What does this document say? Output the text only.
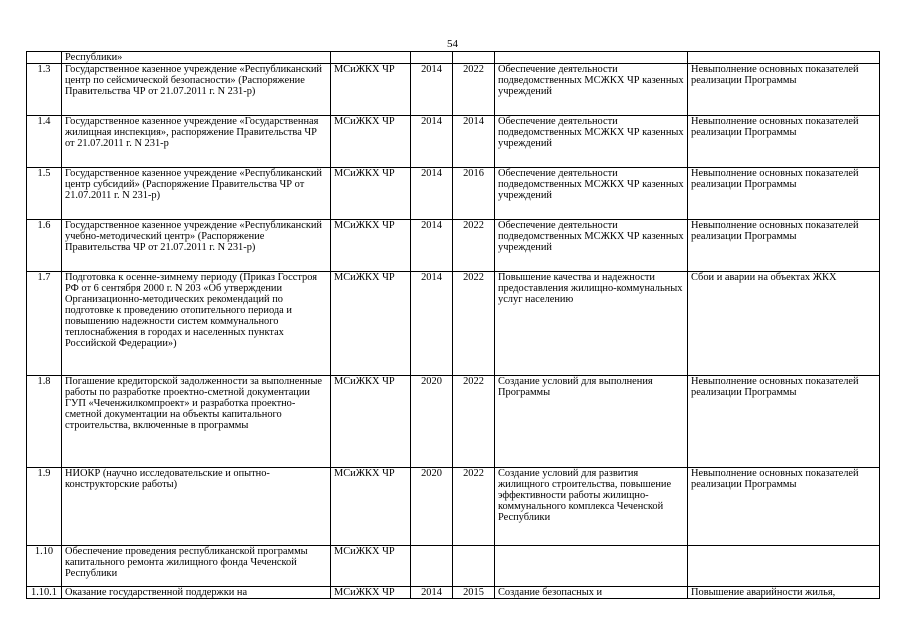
54
	Республики»					
1.3	Государственное казенное учреждение «Республиканский центр по сейсмической безопасности» (Распоряжение Правительства ЧР от 21.07.2011 г. N 231-р)	МСиЖКХ ЧР	2014	2022	Обеспечение деятельности подведомственных МСЖКХ ЧР казенных учреждений	Невыполнение основных показателей реализации Программы
1.4	Государственное казенное учреждение «Государственная жилищная инспекция», распоряжение Правительства ЧР от 21.07.2011 г. N 231-р	МСиЖКХ ЧР	2014	2014	Обеспечение деятельности подведомственных МСЖКХ ЧР казенных учреждений	Невыполнение основных показателей реализации Программы
1.5	Государственное казенное учреждение «Республиканский центр субсидий» (Распоряжение Правительства ЧР от 21.07.2011 г. N 231-р)	МСиЖКХ ЧР	2014	2016	Обеспечение деятельности подведомственных МСЖКХ ЧР казенных учреждений	Невыполнение основных показателей реализации Программы
1.6	Государственное казенное учреждение «Республиканский учебно-методический центр» (Распоряжение Правительства ЧР от 21.07.2011 г. N 231-р)	МСиЖКХ ЧР	2014	2022	Обеспечение деятельности подведомственных МСЖКХ ЧР казенных учреждений	Невыполнение основных показателей реализации Программы
1.7	Подготовка к осенне-зимнему периоду (Приказ Госстроя РФ от 6 сентября 2000 г. N 203 «Об утверждении Организационно-методических рекомендаций по подготовке к проведению отопительного периода и повышению надежности систем коммунального теплоснабжения в городах и населенных пунктах Российской Федерации»)	МСиЖКХ ЧР	2014	2022	Повышение качества и надежности предоставления жилищно-коммунальных услуг населению	Сбои и аварии на объектах ЖКХ
1.8	Погашение кредиторской задолженности за выполненные работы по разработке проектно-сметной документации ГУП «Чеченжилкомпроект» и разработка проектно-сметной документации на объекты капитального строительства, включенные в программы	МСиЖКХ ЧР	2020	2022	Создание условий для выполнения Программы	Невыполнение основных показателей реализации Программы
1.9	НИОКР (научно исследовательские и опытно-конструкторские работы)	МСиЖКХ ЧР	2020	2022	Создание условий для развития жилищного строительства, повышение эффективности работы жилищно-коммунального комплекса Чеченской Республики	Невыполнение основных показателей реализации Программы
1.10	Обеспечение проведения республиканской программы капитального ремонта жилищного фонда Чеченской Республики	МСиЖКХ ЧР				
1.10.1	Оказание государственной поддержки на	МСиЖКХ ЧР	2014	2015	Создание безопасных и	Повышение аварийности жилья,
